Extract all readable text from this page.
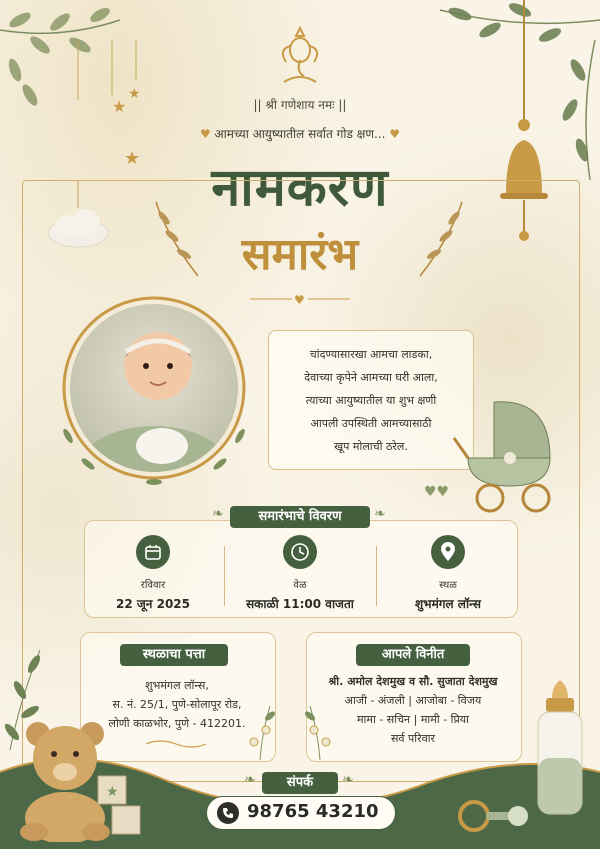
★
★
★
|| श्री गणेशाय नमः ||
♥ आमच्या आयुष्यातील सर्वात गोड क्षण... ♥
नामकरण
समारंभ
♥
चांदण्यासारखा आमचा लाडका,
देवाच्या कृपेने आमच्या घरी आला,
त्याच्या आयुष्यातील या शुभ क्षणी
आपली उपस्थिती आमच्यासाठी
खूप मोलाची ठरेल.
♥♥
समारंभाचे विवरण
❧	❧
रविवार
22 जून 2025
वेळ
सकाळी 11:00 वाजता
स्थळ
शुभमंगल लॉन्स
स्थळाचा पत्ता
शुभमंगल लॉन्स,
स. नं. 25/1, पुणे-सोलापूर रोड,
लोणी काळभोर, पुणे - 412201.
आपले विनीत
श्री. अमोल देशमुख व सौ. सुजाता देशमुख
आजी - अंजली | आजोबा - विजय
मामा - सचिन | मामी - प्रिया
सर्व परिवार
★
संपर्क
❧	❧
98765 43210
